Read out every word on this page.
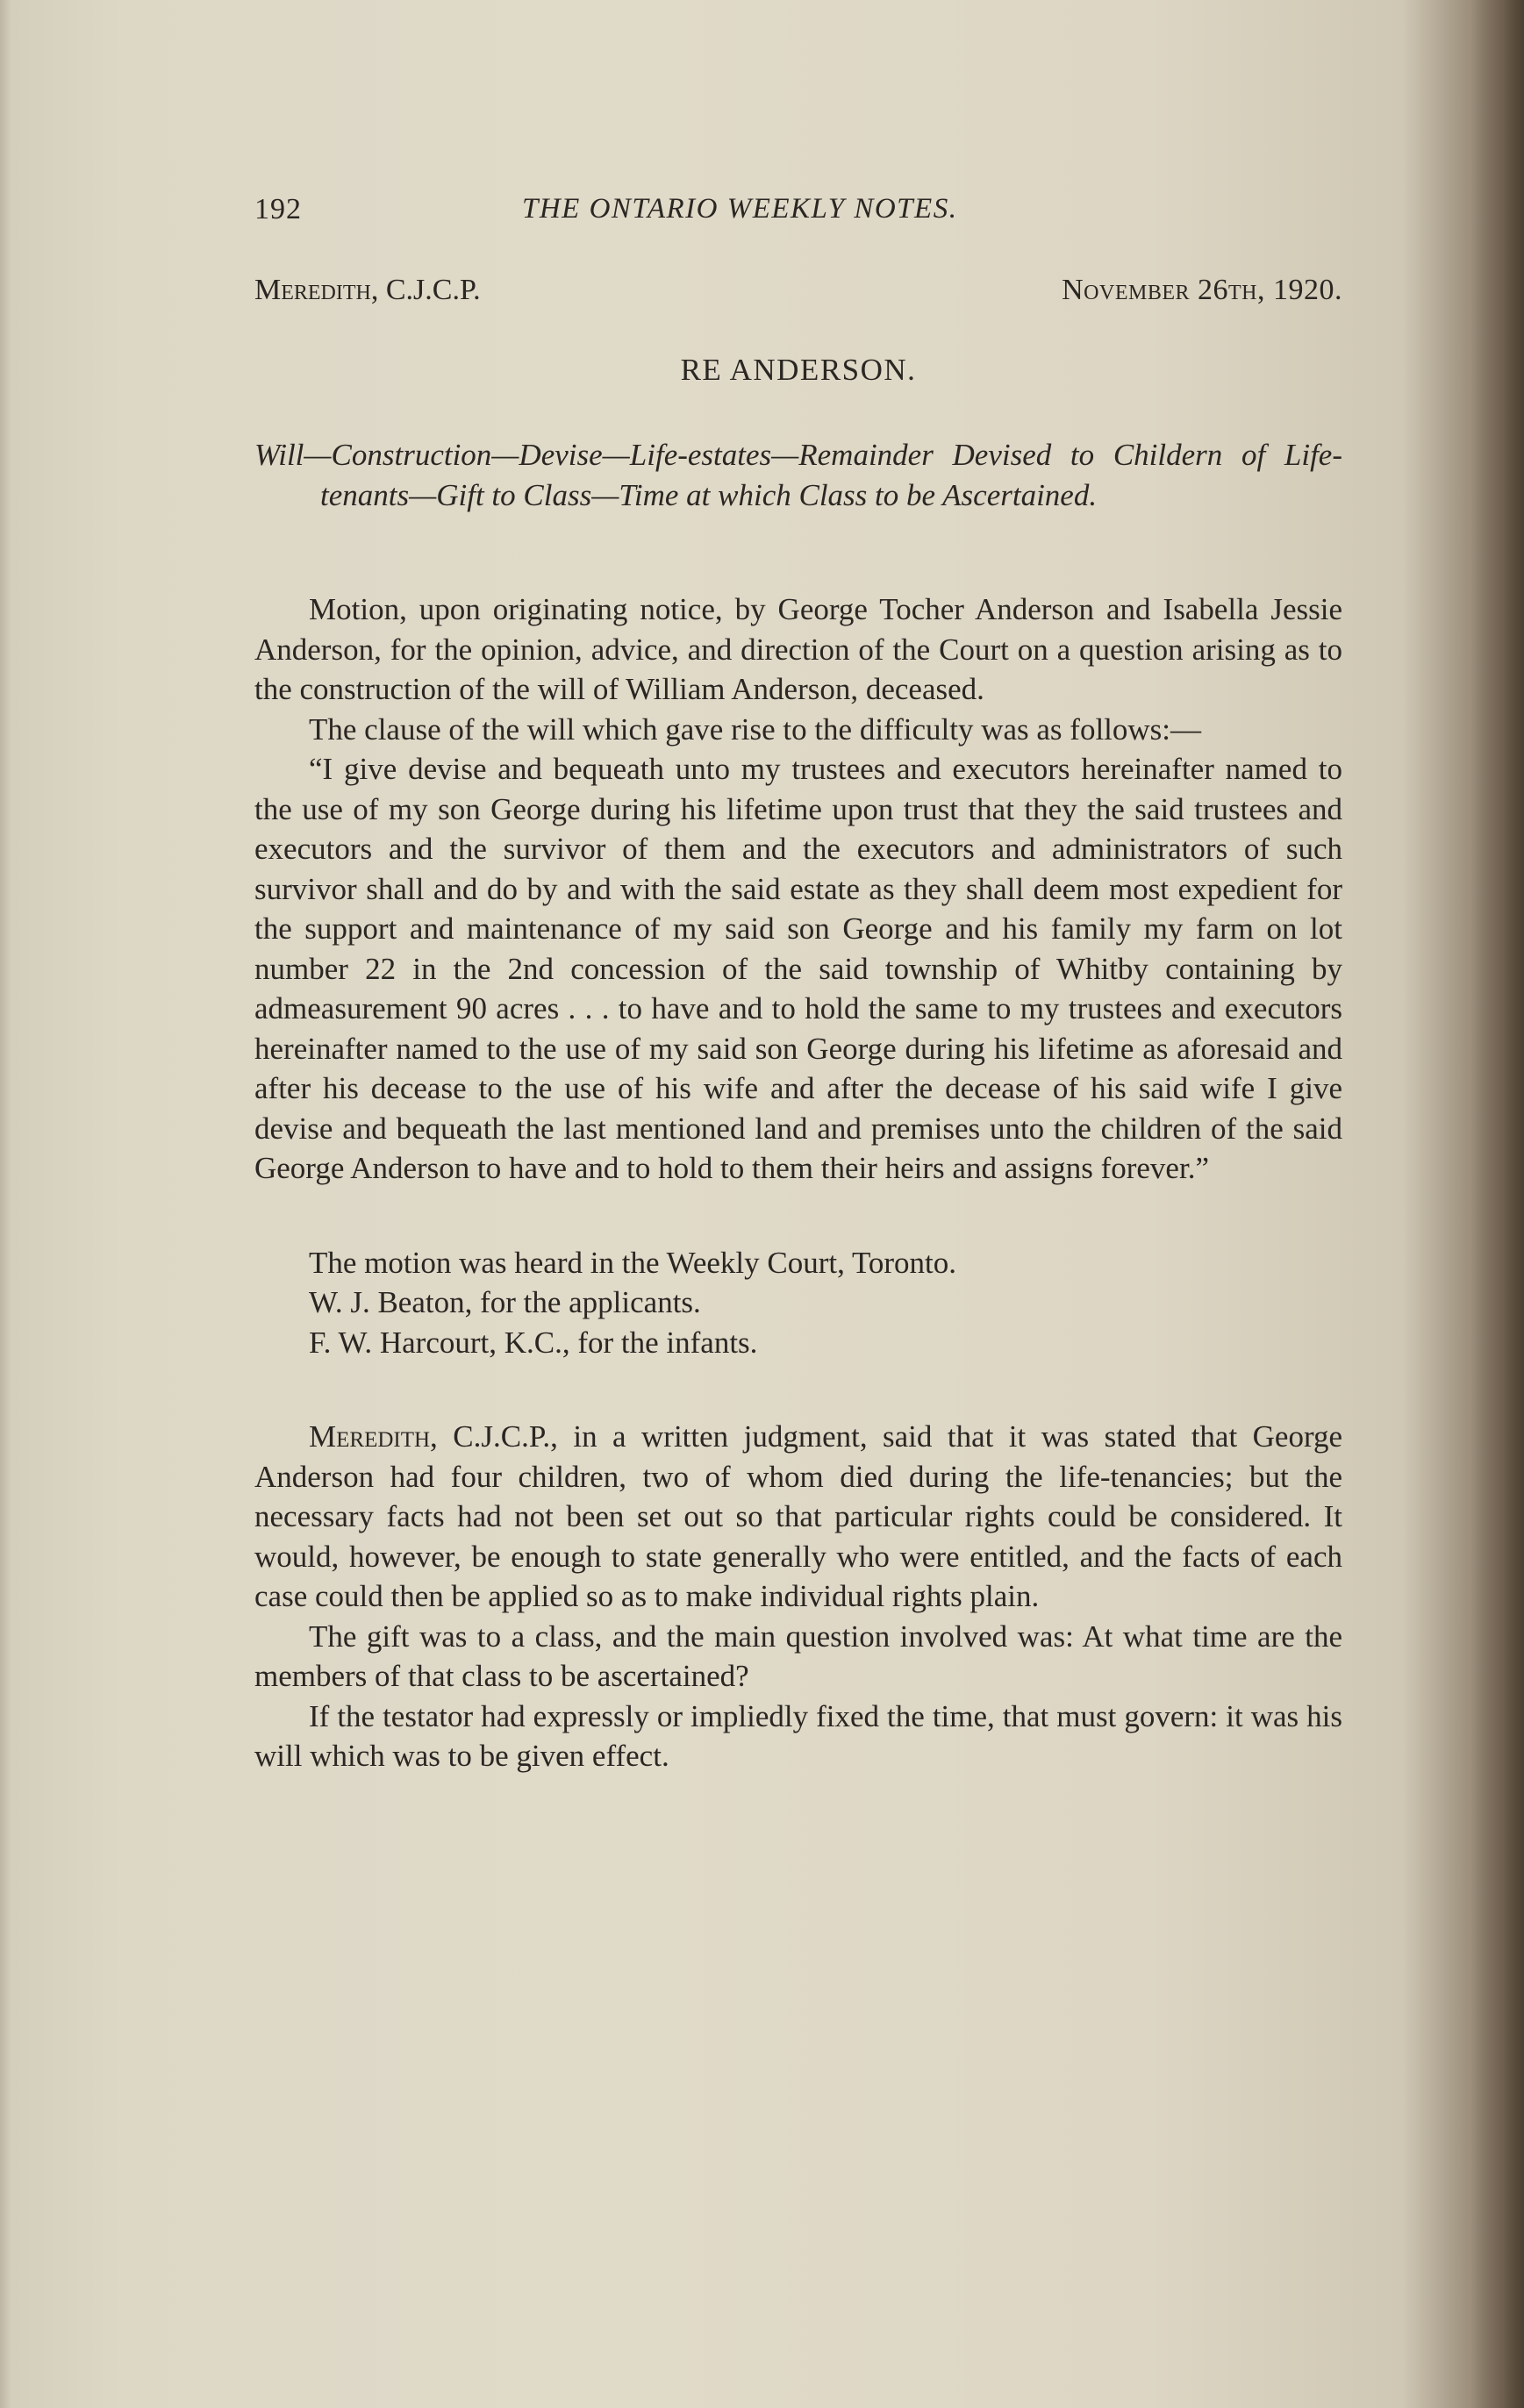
192	THE ONTARIO WEEKLY NOTES.
Meredith, C.J.C.P.	November 26th, 1920.
RE ANDERSON.
Will—Construction—Devise—Life-estates—Remainder Devised to Childern of Life-tenants—Gift to Class—Time at which Class to be Ascertained.

Motion, upon originating notice, by George Tocher Anderson and Isabella Jessie Anderson, for the opinion, advice, and direction of the Court on a question arising as to the construction of the will of William Anderson, deceased.

The clause of the will which gave rise to the difficulty was as follows:—

“I give devise and bequeath unto my trustees and executors hereinafter named to the use of my son George during his lifetime upon trust that they the said trustees and executors and the survivor of them and the executors and administrators of such survivor shall and do by and with the said estate as they shall deem most expedient for the support and maintenance of my said son George and his family my farm on lot number 22 in the 2nd concession of the said township of Whitby containing by admeasurement 90 acres . . . to have and to hold the same to my trustees and executors hereinafter named to the use of my said son George during his lifetime as aforesaid and after his decease to the use of his wife and after the decease of his said wife I give devise and bequeath the last mentioned land and premises unto the children of the said George Anderson to have and to hold to them their heirs and assigns forever.”

The motion was heard in the Weekly Court, Toronto.

W. J. Beaton, for the applicants.

F. W. Harcourt, K.C., for the infants.

Meredith, C.J.C.P., in a written judgment, said that it was stated that George Anderson had four children, two of whom died during the life-tenancies; but the necessary facts had not been set out so that particular rights could be considered. It would, however, be enough to state generally who were entitled, and the facts of each case could then be applied so as to make individual rights plain.

The gift was to a class, and the main question involved was: At what time are the members of that class to be ascertained?

If the testator had expressly or impliedly fixed the time, that must govern: it was his will which was to be given effect.
